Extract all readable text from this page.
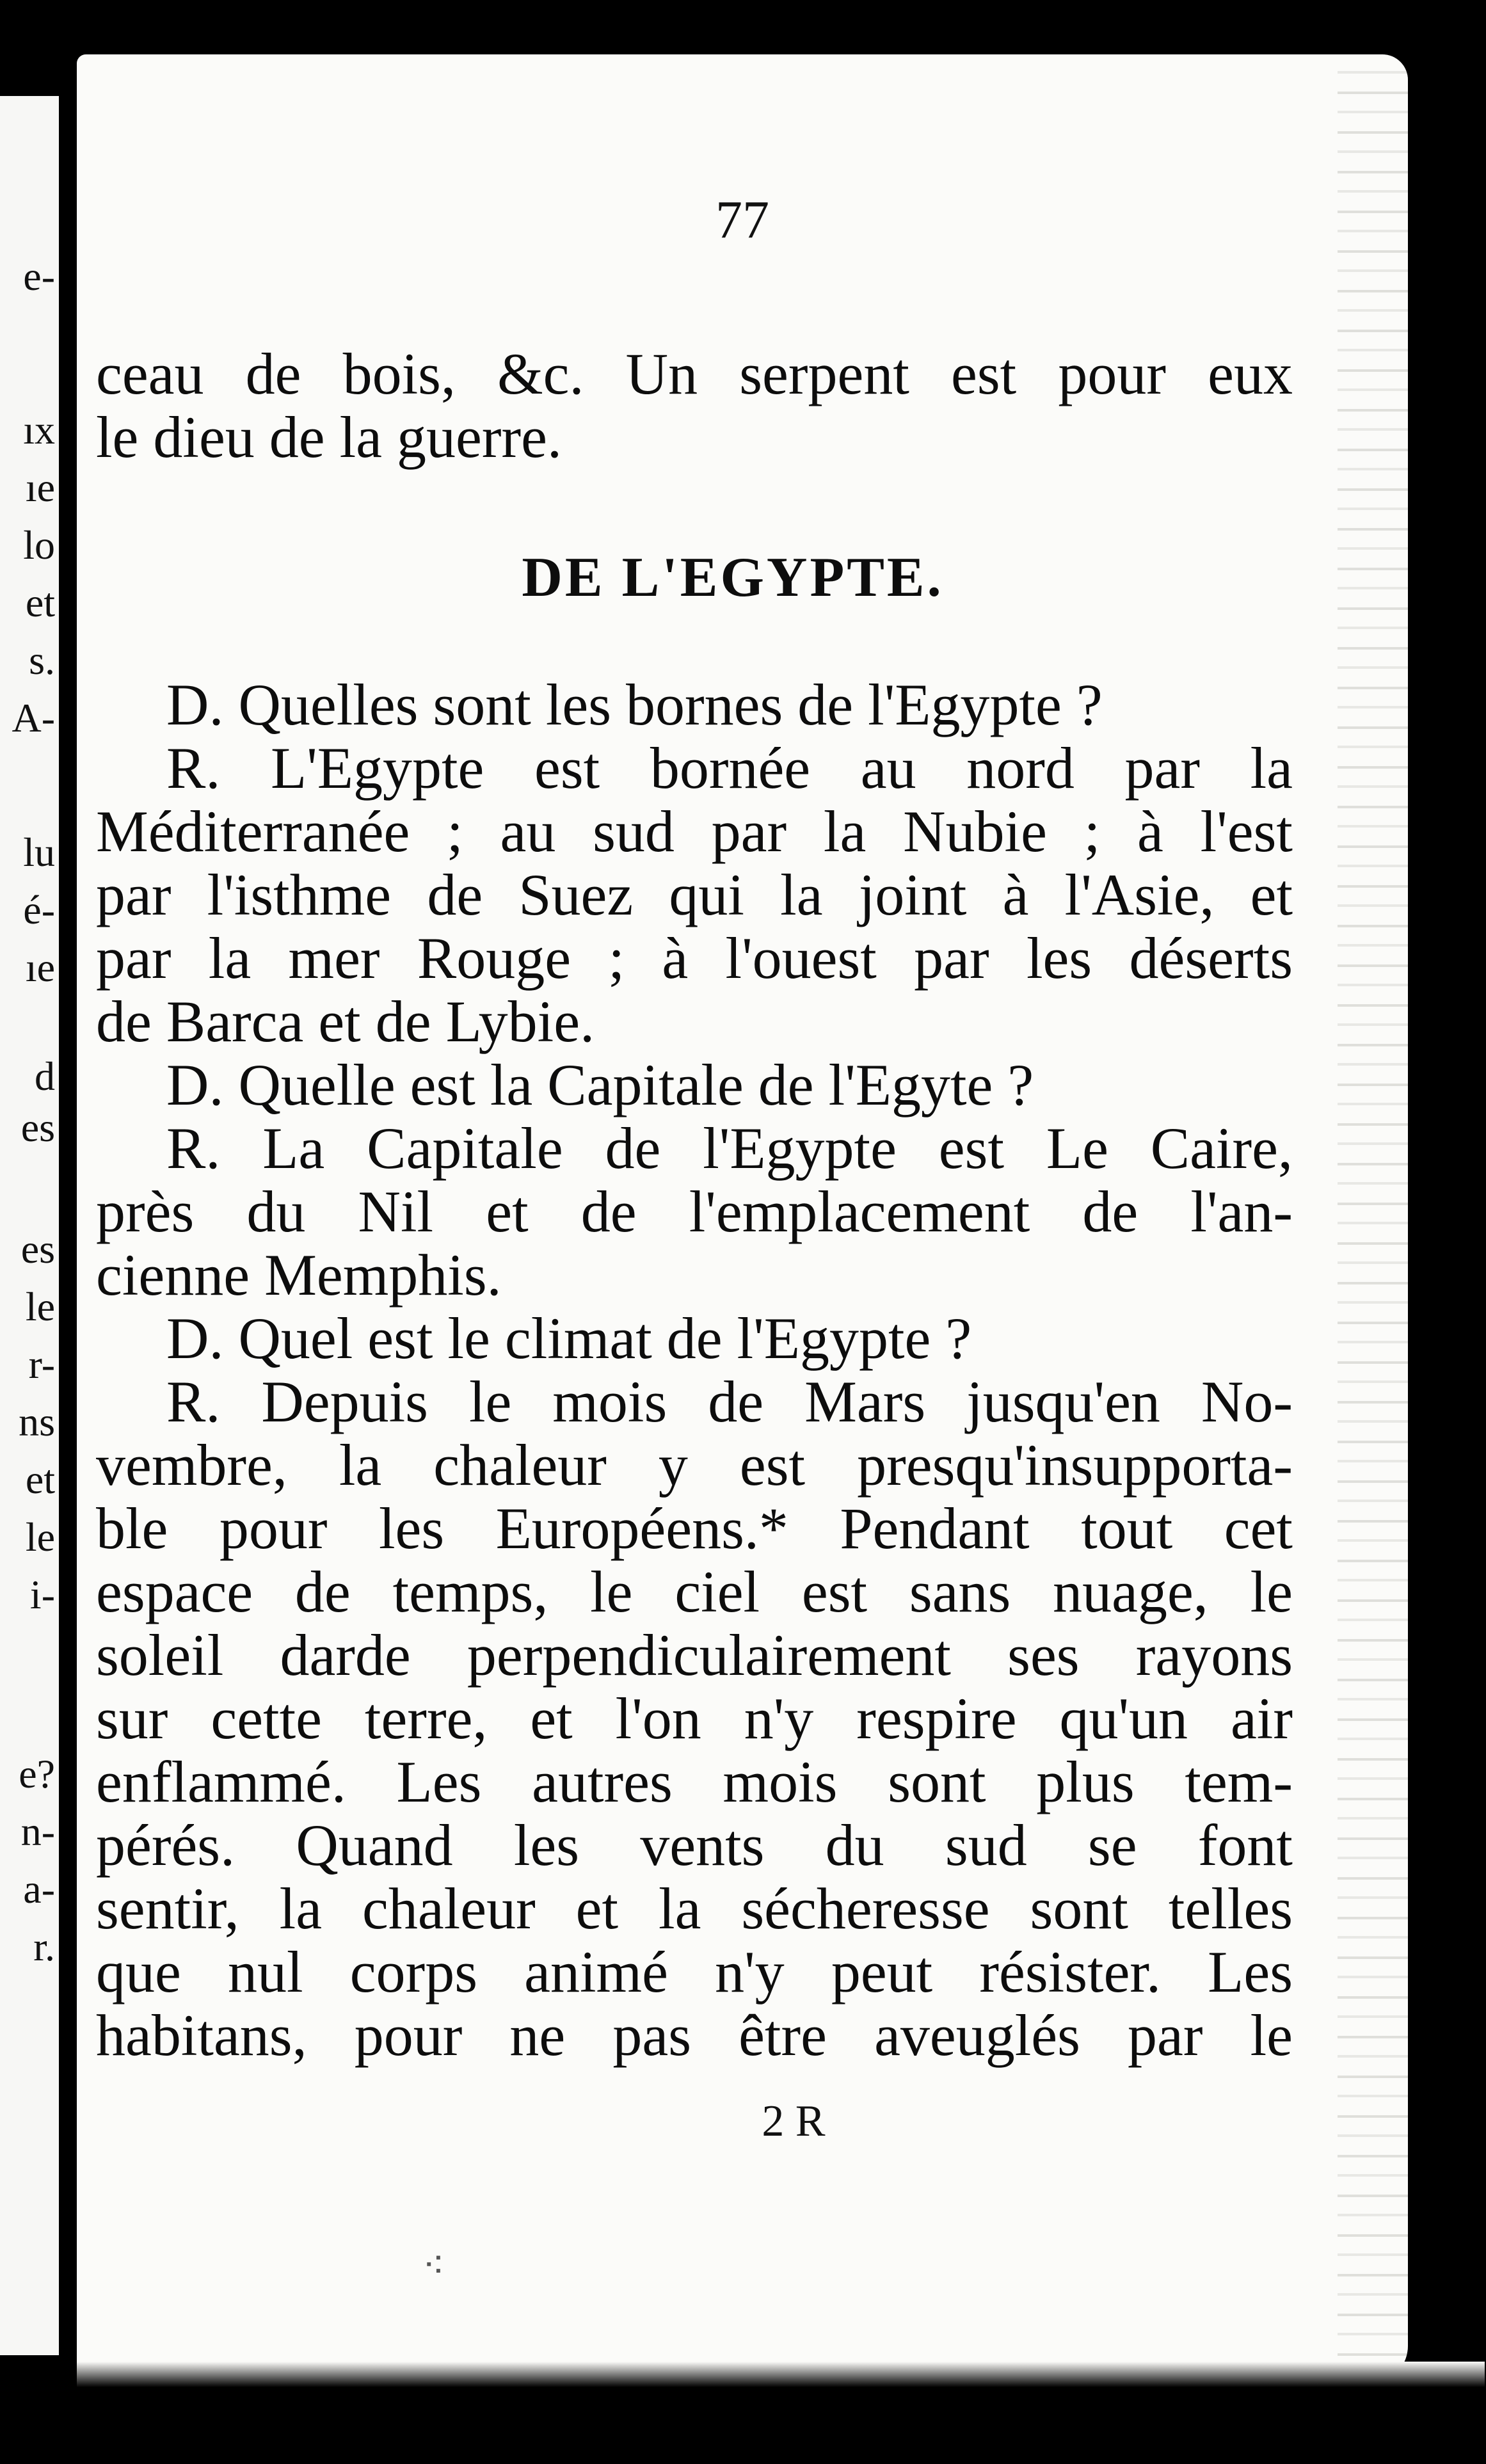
e-
ıx
ıe
lo
et
s.
A-
lu
é-
ıe
d
es
es
le
r-
ns
et
le
i-
e?
n-
a-
r.
77
ceau de bois, &c. Un serpent est pour eux
le dieu de la guerre.
DE L'EGYPTE.
D. Quelles sont les bornes de l'Egypte ?
R. L'Egypte est bornée au nord par la
Méditerranée ; au sud par la Nubie ; à l'est
par l'isthme de Suez qui la joint à l'Asie, et
par la mer Rouge ; à l'ouest par les déserts
de Barca et de Lybie.
D. Quelle est la Capitale de l'Egyte ?
R. La Capitale de l'Egypte est Le Caire,
près du Nil et de l'emplacement de l'an-
cienne Memphis.
D. Quel est le climat de l'Egypte ?
R. Depuis le mois de Mars jusqu'en No-
vembre, la chaleur y est presqu'insupporta-
ble pour les Européens.* Pendant tout cet
espace de temps, le ciel est sans nuage, le
soleil darde perpendiculairement ses rayons
sur cette terre, et l'on n'y respire qu'un air
enflammé. Les autres mois sont plus tem-
pérés. Quand les vents du sud se font
sentir, la chaleur et la sécheresse sont telles
que nul corps animé n'y peut résister. Les
habitans, pour ne pas être aveuglés par le
2 R
⁖
